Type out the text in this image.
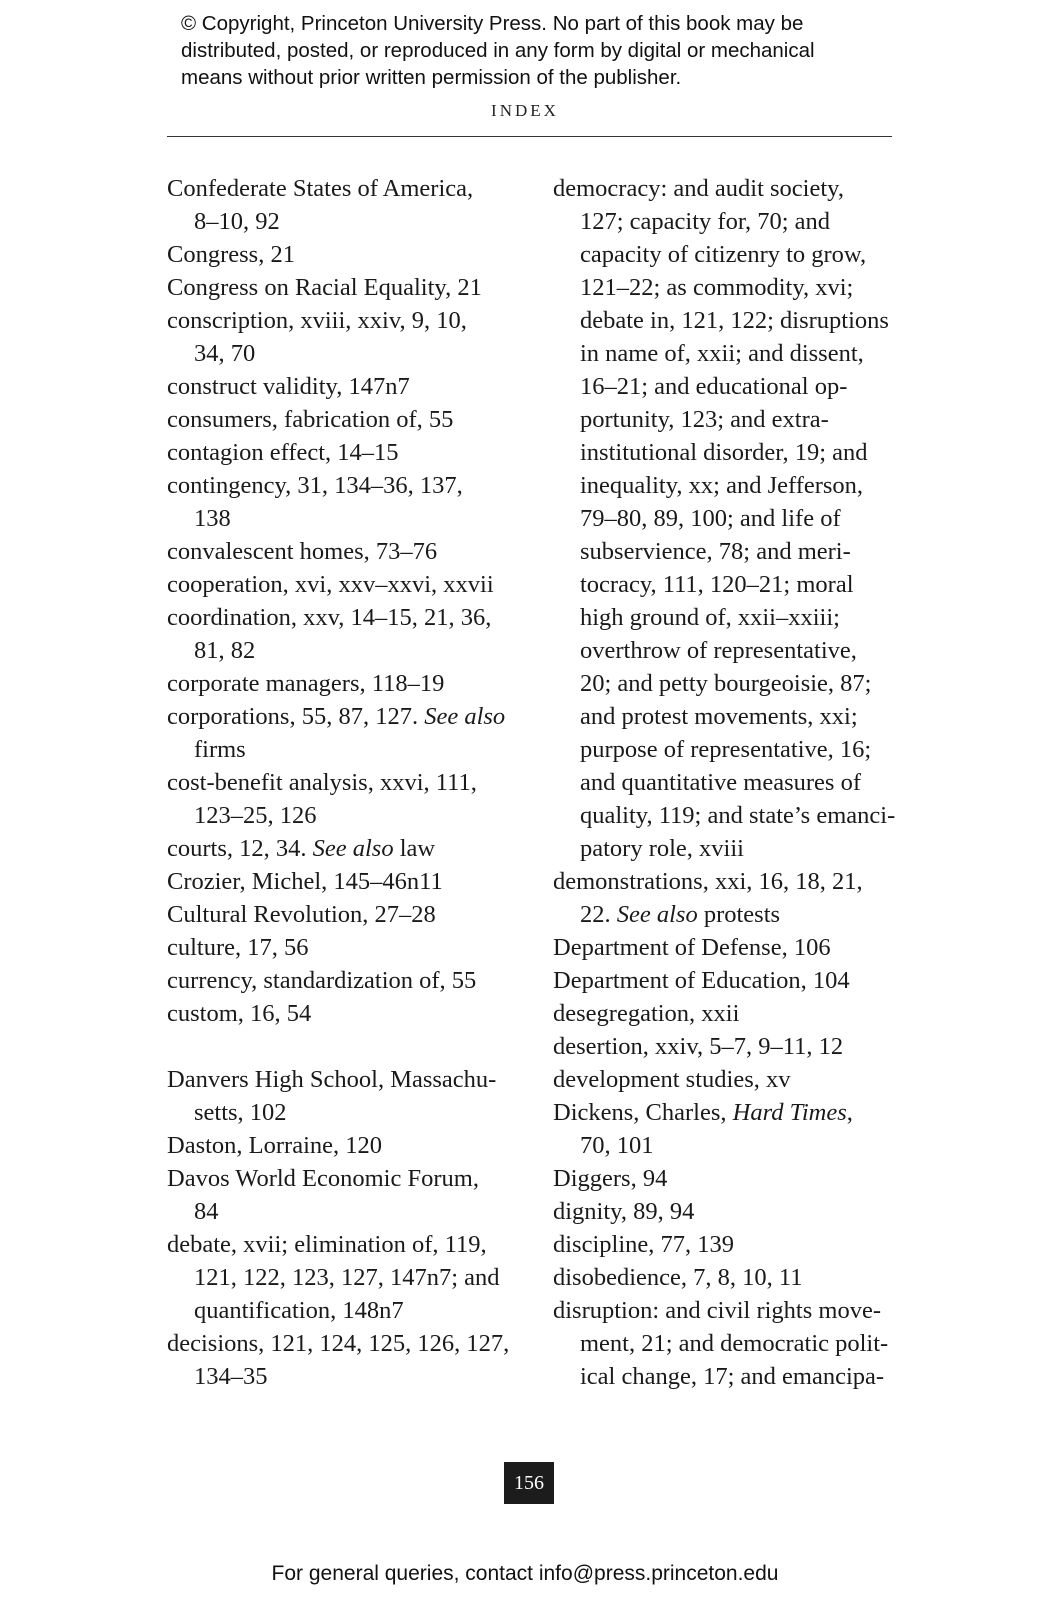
© Copyright, Princeton University Press. No part of this book may be
distributed, posted, or reproduced in any form by digital or mechanical
means without prior written permission of the publisher.
INDEX
Confederate States of America,
8–10, 92
Congress, 21
Congress on Racial Equality, 21
conscription, xviii, xxiv, 9, 10,
34, 70
construct validity, 147n7
consumers, fabrication of, 55
contagion effect, 14–15
contingency, 31, 134–36, 137,
138
convalescent homes, 73–76
cooperation, xvi, xxv–xxvi, xxvii
coordination, xxv, 14–15, 21, 36,
81, 82
corporate managers, 118–19
corporations, 55, 87, 127. See also
firms
cost-benefit analysis, xxvi, 111,
123–25, 126
courts, 12, 34. See also law
Crozier, Michel, 145–46n11
Cultural Revolution, 27–28
culture, 17, 56
currency, standardization of, 55
custom, 16, 54
Danvers High School, Massachu-
setts, 102
Daston, Lorraine, 120
Davos World Economic Forum,
84
debate, xvii; elimination of, 119,
121, 122, 123, 127, 147n7; and
quantification, 148n7
decisions, 121, 124, 125, 126, 127,
134–35
democracy: and audit society,
127; capacity for, 70; and
capacity of citizenry to grow,
121–22; as commodity, xvi;
debate in, 121, 122; disruptions
in name of, xxii; and dissent,
16–21; and educational op-
portunity, 123; and extra-
institutional disorder, 19; and
inequality, xx; and Jefferson,
79–80, 89, 100; and life of
subservience, 78; and meri-
tocracy, 111, 120–21; moral
high ground of, xxii–xxiii;
overthrow of representative,
20; and petty bourgeoisie, 87;
and protest movements, xxi;
purpose of representative, 16;
and quantitative measures of
quality, 119; and state’s emanci-
patory role, xviii
demonstrations, xxi, 16, 18, 21,
22. See also protests
Department of Defense, 106
Department of Education, 104
desegregation, xxii
desertion, xxiv, 5–7, 9–11, 12
development studies, xv
Dickens, Charles, Hard Times,
70, 101
Diggers, 94
dignity, 89, 94
discipline, 77, 139
disobedience, 7, 8, 10, 11
disruption: and civil rights move-
ment, 21; and democratic polit-
ical change, 17; and emancipa-
156
For general queries, contact info@press.princeton.edu
